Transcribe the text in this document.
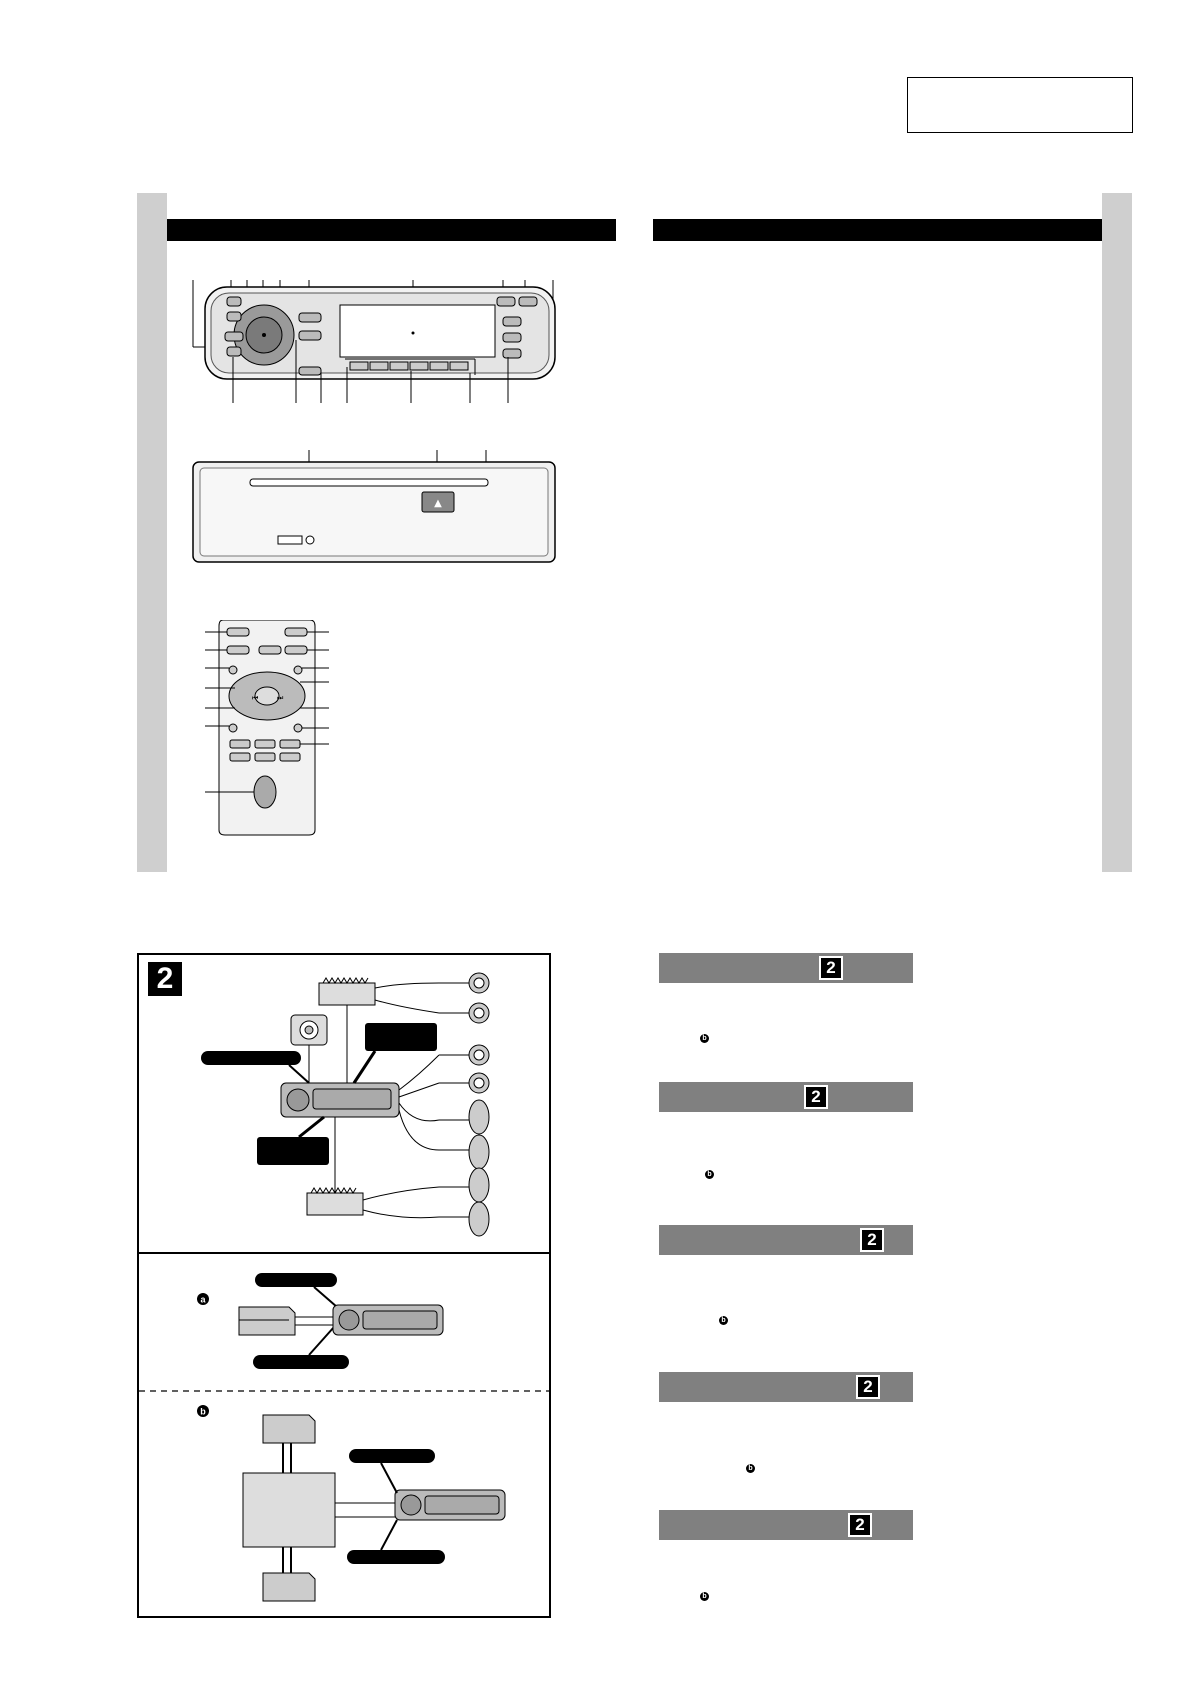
▲
⏮	⏭
2
b
2
b
2
b
2
b
2
b
2
a
b
